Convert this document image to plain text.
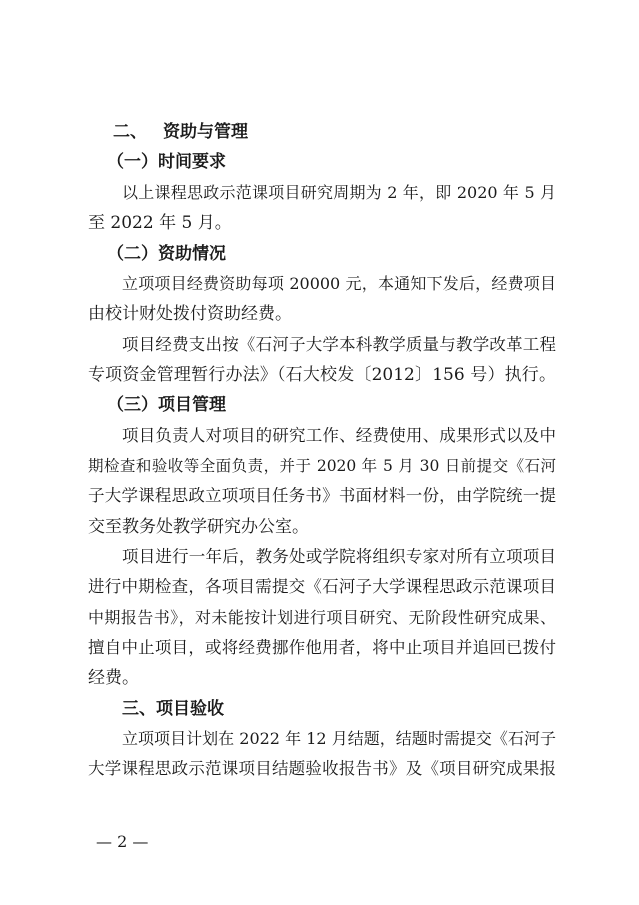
二、 资助与管理
（一）时间要求
以上课程思政示范课项目研究周期为 2 年，即 2020 年 5 月
至 2022 年 5 月。
（二）资助情况
立项项目经费资助每项 20000 元，本通知下发后，经费项目
由校计财处拨付资助经费。
项目经费支出按《石河子大学本科教学质量与教学改革工程
专项资金管理暂行办法》（石大校发〔2012〕156 号）执行。
（三）项目管理
项目负责人对项目的研究工作、经费使用、成果形式以及中
期检查和验收等全面负责，并于 2020 年 5 月 30 日前提交《石河
子大学课程思政立项项目任务书》书面材料一份，由学院统一提
交至教务处教学研究办公室。
项目进行一年后，教务处或学院将组织专家对所有立项项目
进行中期检查，各项目需提交《石河子大学课程思政示范课项目
中期报告书》，对未能按计划进行项目研究、无阶段性研究成果、
擅自中止项目，或将经费挪作他用者，将中止项目并追回已拨付
经费。
三、项目验收
立项项目计划在 2022 年 12 月结题，结题时需提交《石河子
大学课程思政示范课项目结题验收报告书》及《项目研究成果报
— 2 —
